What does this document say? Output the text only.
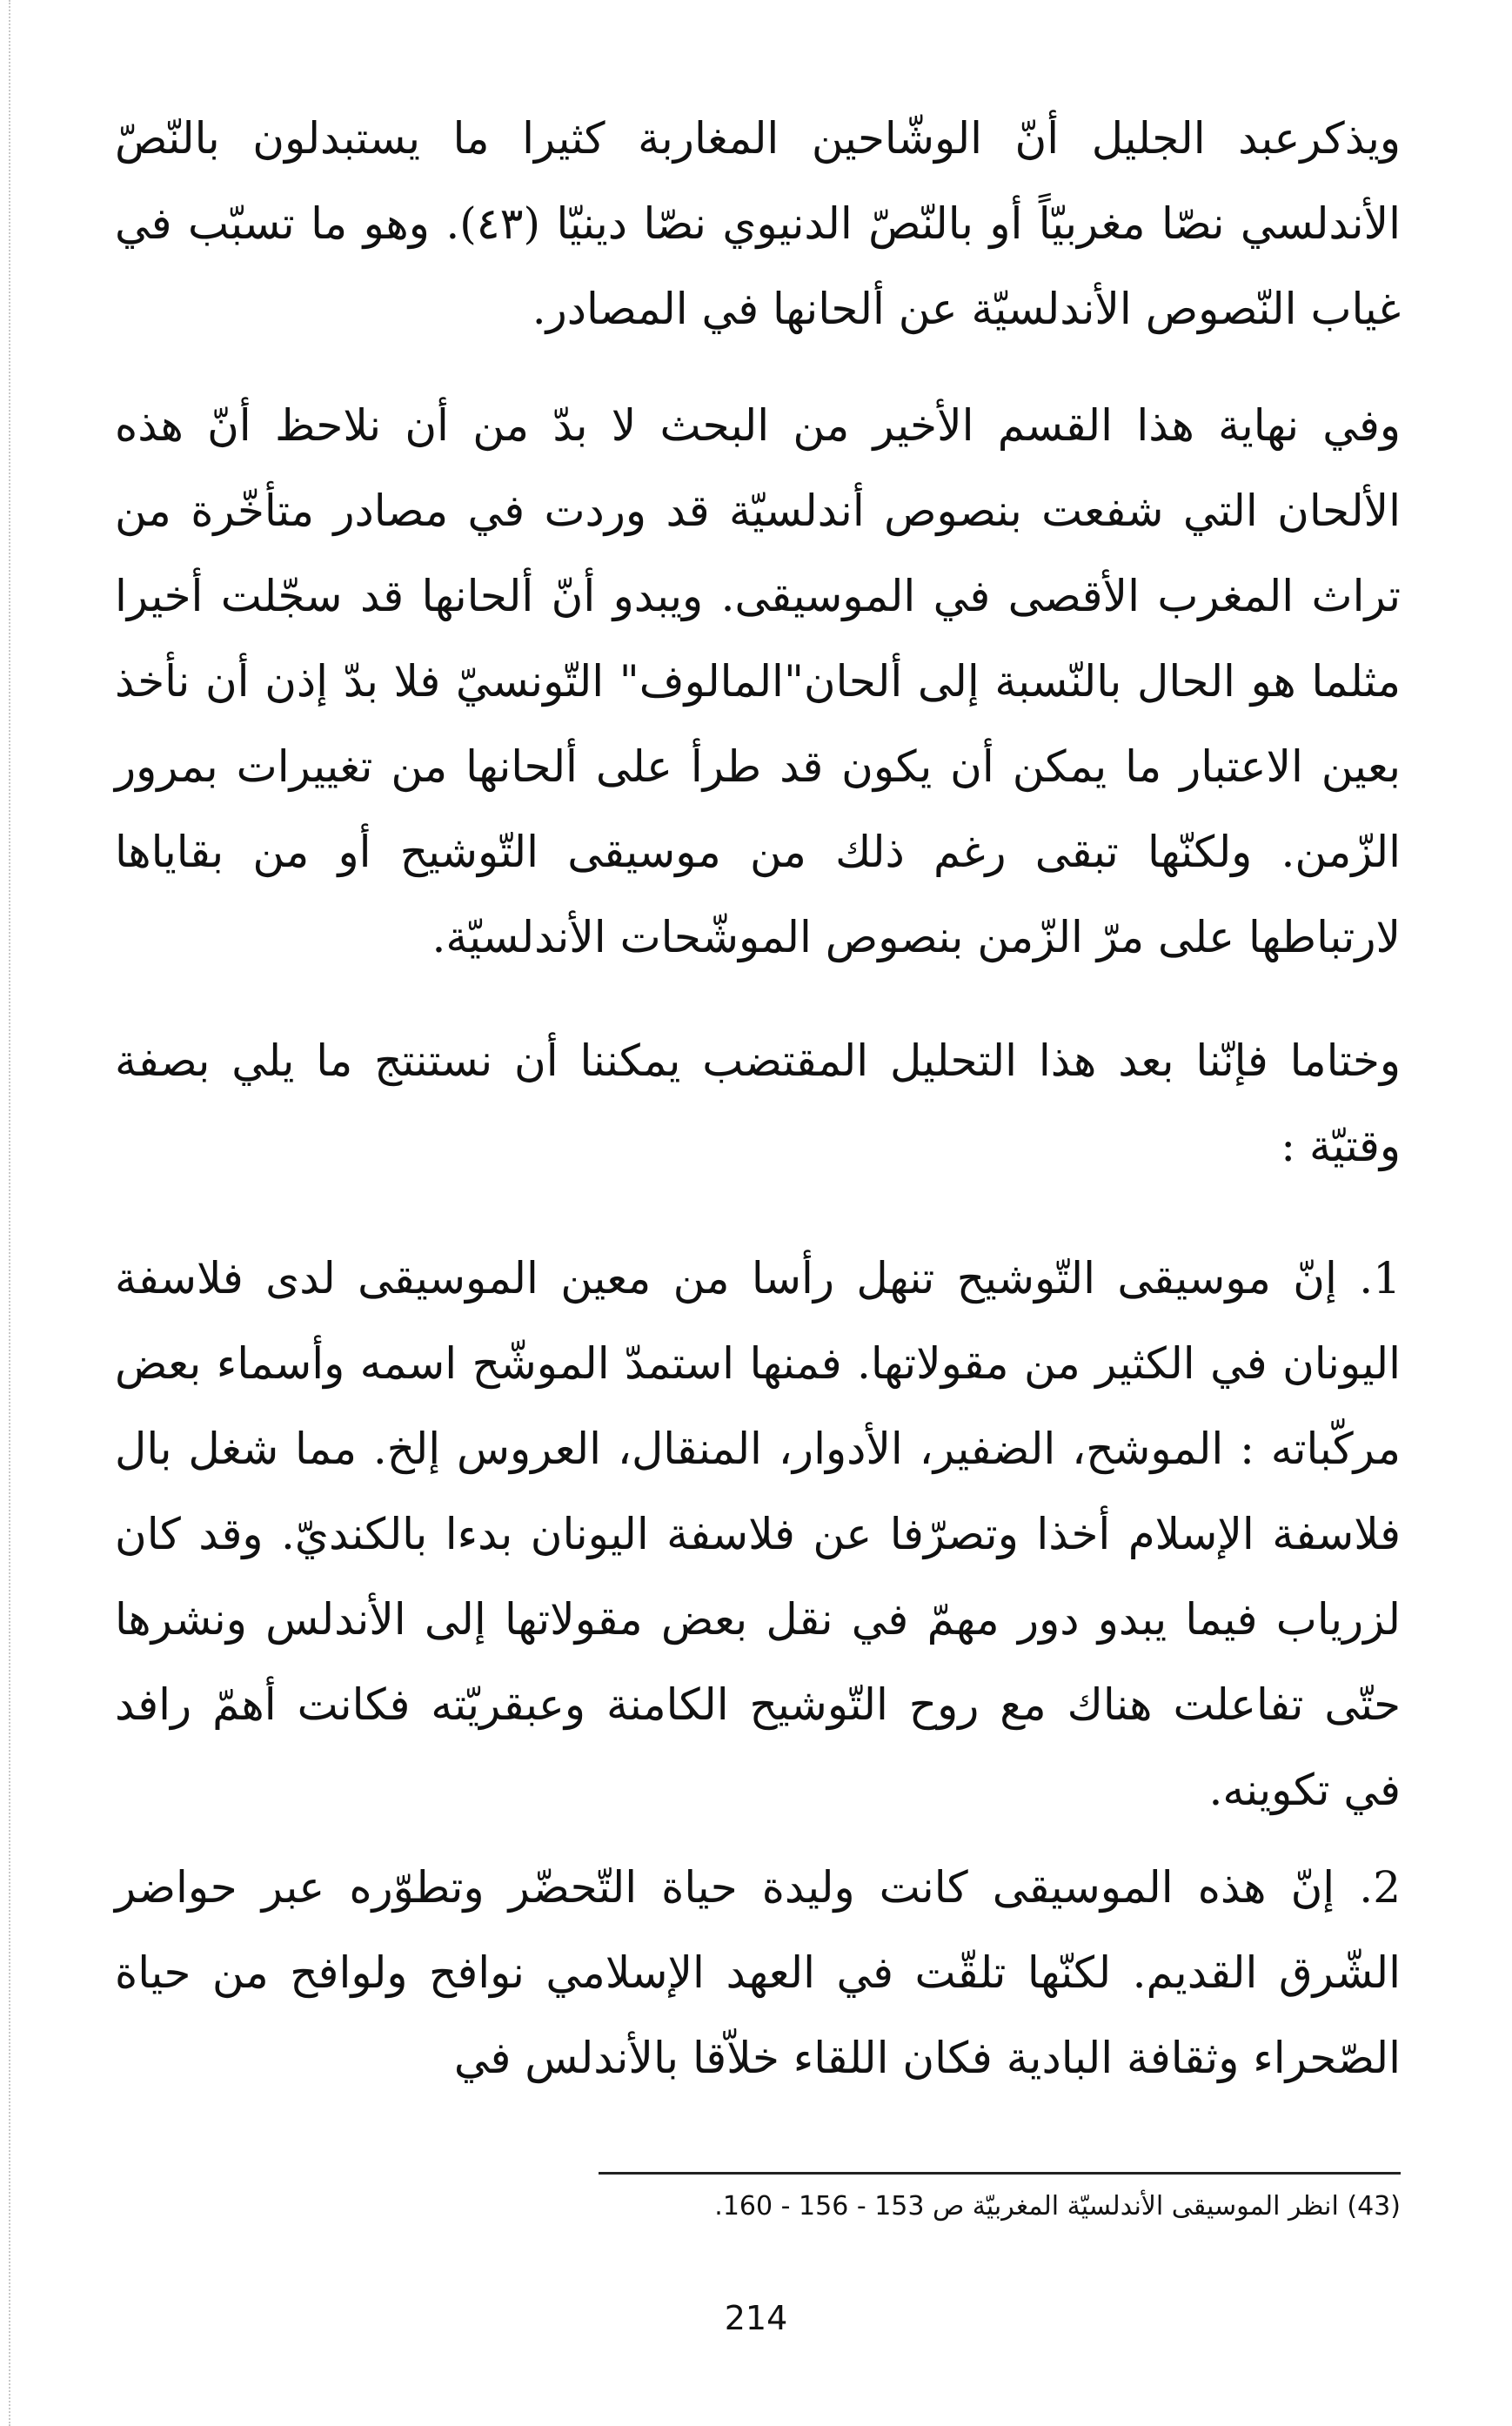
ويذكرعبد الجليل أنّ الوشّاحين المغاربة كثيرا ما يستبدلون بالنّصّ الأندلسي نصّا مغربيّاً أو بالنّصّ الدنيوي نصّا دينيّا (٤٣). وهو ما تسبّب في غياب النّصوص الأندلسيّة عن ألحانها في المصادر.

وفي نهاية هذا القسم الأخير من البحث لا بدّ من أن نلاحظ أنّ هذه الألحان التي شفعت بنصوص أندلسيّة قد وردت في مصادر متأخّرة من تراث المغرب الأقصى في الموسيقى. ويبدو أنّ ألحانها قد سجّلت أخيرا مثلما هو الحال بالنّسبة إلى ألحان"المالوف" التّونسيّ فلا بدّ إذن أن نأخذ بعين الاعتبار ما يمكن أن يكون قد طرأ على ألحانها من تغييرات بمرور الزّمن. ولكنّها تبقى رغم ذلك من موسيقى التّوشيح أو من بقاياها لارتباطها على مرّ الزّمن بنصوص الموشّحات الأندلسيّة.

وختاما فإنّنا بعد هذا التحليل المقتضب يمكننا أن نستنتج ما يلي بصفة وقتيّة :

1. إنّ موسيقى التّوشيح تنهل رأسا من معين الموسيقى لدى فلاسفة اليونان في الكثير من مقولاتها. فمنها استمدّ الموشّح اسمه وأسماء بعض مركّباته : الموشح، الضفير، الأدوار، المنقال، العروس إلخ. مما شغل بال فلاسفة الإسلام أخذا وتصرّفا عن فلاسفة اليونان بدءا بالكنديّ. وقد كان لزرياب فيما يبدو دور مهمّ في نقل بعض مقولاتها إلى الأندلس ونشرها حتّى تفاعلت هناك مع روح التّوشيح الكامنة وعبقريّته فكانت أهمّ رافد في تكوينه.

2. إنّ هذه الموسيقى كانت وليدة حياة التّحضّر وتطوّره عبر حواضر الشّرق القديم. لكنّها تلقّت في العهد الإسلامي نوافح ولوافح من حياة الصّحراء وثقافة البادية فكان اللقاء خلاّقا بالأندلس في

(43) انظر الموسيقى الأندلسيّة المغربيّة ص 153 - 156 - 160.

214
